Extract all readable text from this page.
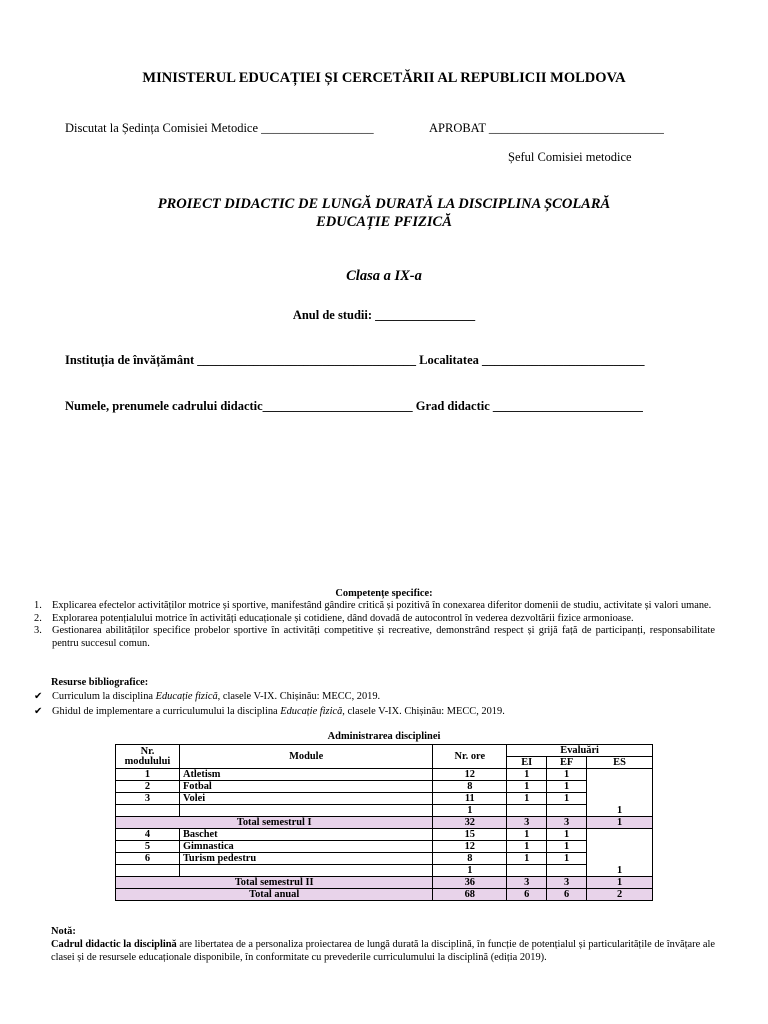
MINISTERUL EDUCAȚIEI ȘI CERCETĂRII AL REPUBLICII MOLDOVA
Discutat la Ședința Comisiei Metodice __________________	APROBAT ____________________________
Șeful Comisiei metodice
PROIECT DIDACTIC DE LUNGĂ DURATĂ LA DISCIPLINA ȘCOLARĂ
EDUCAȚIE PFIZICĂ
Clasa a IX-a
Anul de studii: ________________
Instituția de învățământ ___________________________________ Localitatea __________________________
Numele, prenumele cadrului didactic________________________ Grad didactic ________________________
Competențe specifice:
1. Explicarea efectelor activităților motrice și sportive, manifestând gândire critică și pozitivă în conexarea diferitor domenii de studiu, activitate și valori umane.
2. Explorarea potențialului motrice în activități educaționale și cotidiene, dând dovadă de autocontrol în vederea dezvoltării fizice armonioase.
3. Gestionarea abilităților specifice probelor sportive în activități competitive și recreative, demonstrând respect și grijă față de participanți, responsabilitate pentru succesul comun.
Resurse bibliografice:
✔ Curriculum la disciplina Educație fizică, clasele V-IX. Chișinău: MECC, 2019.
✔ Ghidul de implementare a curriculumului la disciplina Educație fizică, clasele V-IX. Chișinău: MECC, 2019.
Administrarea disciplinei
Nr.
modulului	Module	Nr. ore	Evaluări		
			EI	EF	ES
1	Atletism	12	1	1	
2	Fotbal	8	1	1	
3	Volei	11	1	1	
		1			1
Total semestrul I		32	3	3	1
4	Baschet	15	1	1	
5	Gimnastica	12	1	1	
6	Turism pedestru	8	1	1	
		1			1
Total semestrul II		36	3	3	1
Total anual		68	6	6	2
Notă:
Cadrul didactic la disciplină are libertatea de a personaliza proiectarea de lungă durată la disciplină, în funcție de potențialul și particularitățile de învățare ale clasei și de resursele educaționale disponibile, în conformitate cu prevederile curriculumului la disciplină (ediția 2019).
